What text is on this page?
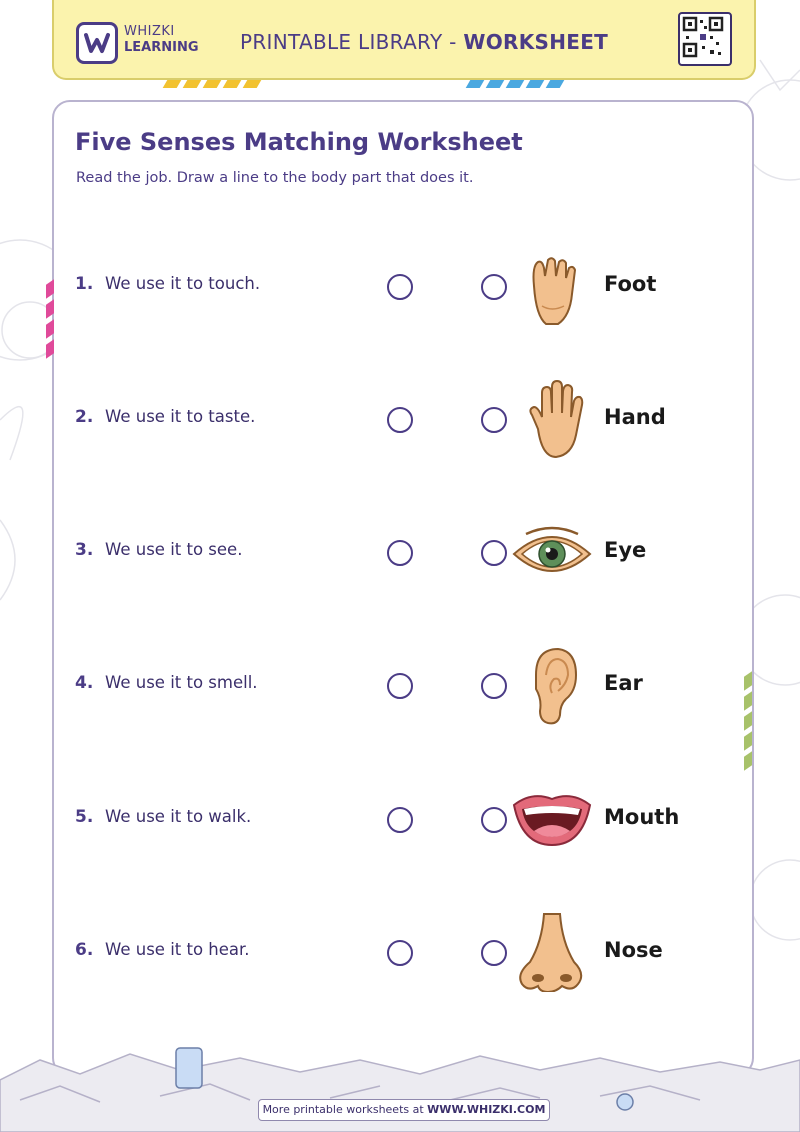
WHIZKI
LEARNING PRINTABLE LIBRARY - WORKSHEET
Five Senses Matching Worksheet
Read the job. Draw a line to the body part that does it.
1. We use it to touch.	Foot
2. We use it to taste.	Hand
3. We use it to see.	Eye
4. We use it to smell.	Ear
5. We use it to walk.	Mouth
6. We use it to hear.	Nose
More printable worksheets at WWW.WHIZKI.COM
